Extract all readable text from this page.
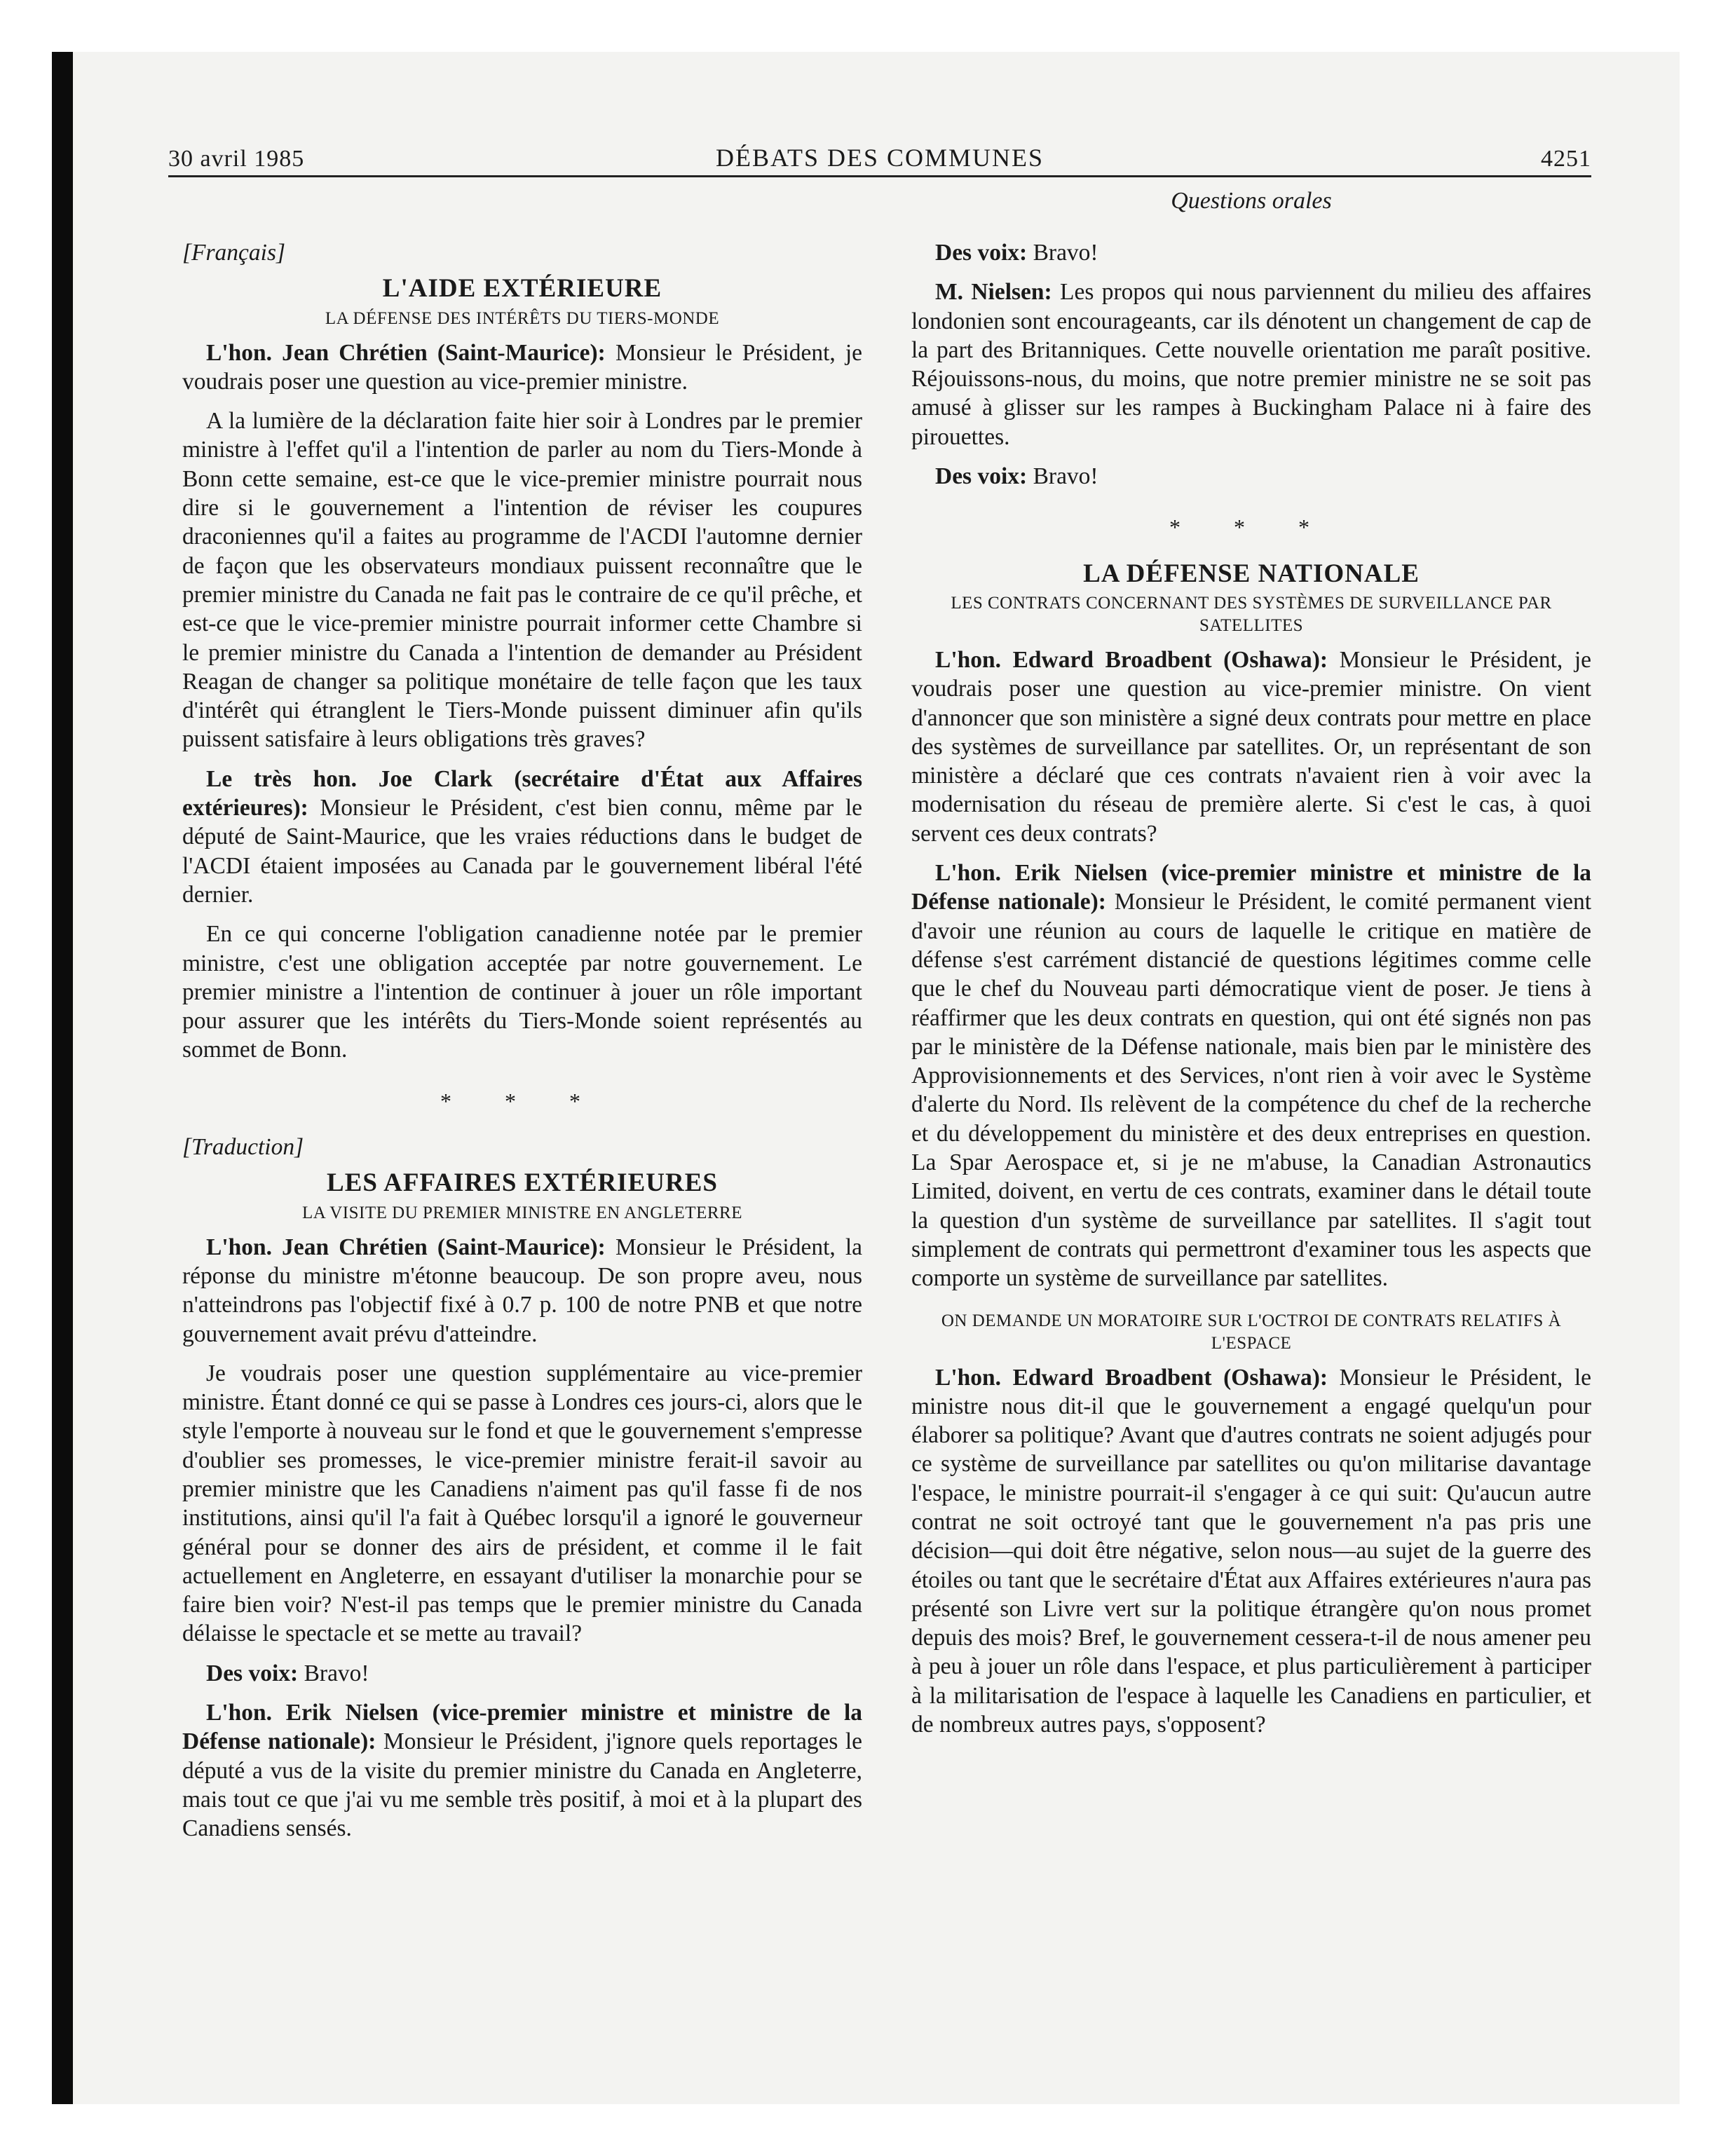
30 avril 1985	DÉBATS DES COMMUNES	4251
Questions orales
[Français]
L'AIDE EXTÉRIEURE
LA DÉFENSE DES INTÉRÊTS DU TIERS-MONDE

L'hon. Jean Chrétien (Saint-Maurice): Monsieur le Président, je voudrais poser une question au vice-premier ministre.

A la lumière de la déclaration faite hier soir à Londres par le premier ministre à l'effet qu'il a l'intention de parler au nom du Tiers-Monde à Bonn cette semaine, est-ce que le vice-premier ministre pourrait nous dire si le gouvernement a l'intention de réviser les coupures draconiennes qu'il a faites au programme de l'ACDI l'automne dernier de façon que les observateurs mondiaux puissent reconnaître que le premier ministre du Canada ne fait pas le contraire de ce qu'il prêche, et est-ce que le vice-premier ministre pourrait informer cette Chambre si le premier ministre du Canada a l'intention de demander au Président Reagan de changer sa politique monétaire de telle façon que les taux d'intérêt qui étranglent le Tiers-Monde puissent diminuer afin qu'ils puissent satisfaire à leurs obligations très graves?

Le très hon. Joe Clark (secrétaire d'État aux Affaires extérieures): Monsieur le Président, c'est bien connu, même par le député de Saint-Maurice, que les vraies réductions dans le budget de l'ACDI étaient imposées au Canada par le gouvernement libéral l'été dernier.

En ce qui concerne l'obligation canadienne notée par le premier ministre, c'est une obligation acceptée par notre gouvernement. Le premier ministre a l'intention de continuer à jouer un rôle important pour assurer que les intérêts du Tiers-Monde soient représentés au sommet de Bonn.

* * *
[Traduction]
LES AFFAIRES EXTÉRIEURES
LA VISITE DU PREMIER MINISTRE EN ANGLETERRE

L'hon. Jean Chrétien (Saint-Maurice): Monsieur le Président, la réponse du ministre m'étonne beaucoup. De son propre aveu, nous n'atteindrons pas l'objectif fixé à 0.7 p. 100 de notre PNB et que notre gouvernement avait prévu d'atteindre.

Je voudrais poser une question supplémentaire au vice-premier ministre. Étant donné ce qui se passe à Londres ces jours-ci, alors que le style l'emporte à nouveau sur le fond et que le gouvernement s'empresse d'oublier ses promesses, le vice-premier ministre ferait-il savoir au premier ministre que les Canadiens n'aiment pas qu'il fasse fi de nos institutions, ainsi qu'il l'a fait à Québec lorsqu'il a ignoré le gouverneur général pour se donner des airs de président, et comme il le fait actuellement en Angleterre, en essayant d'utiliser la monarchie pour se faire bien voir? N'est-il pas temps que le premier ministre du Canada délaisse le spectacle et se mette au travail?

Des voix: Bravo!

L'hon. Erik Nielsen (vice-premier ministre et ministre de la Défense nationale): Monsieur le Président, j'ignore quels reportages le député a vus de la visite du premier ministre du Canada en Angleterre, mais tout ce que j'ai vu me semble très positif, à moi et à la plupart des Canadiens sensés.

Des voix: Bravo!

M. Nielsen: Les propos qui nous parviennent du milieu des affaires londonien sont encourageants, car ils dénotent un changement de cap de la part des Britanniques. Cette nouvelle orientation me paraît positive. Réjouissons-nous, du moins, que notre premier ministre ne se soit pas amusé à glisser sur les rampes à Buckingham Palace ni à faire des pirouettes.

Des voix: Bravo!

* * *
LA DÉFENSE NATIONALE
LES CONTRATS CONCERNANT DES SYSTÈMES DE SURVEILLANCE PAR SATELLITES

L'hon. Edward Broadbent (Oshawa): Monsieur le Président, je voudrais poser une question au vice-premier ministre. On vient d'annoncer que son ministère a signé deux contrats pour mettre en place des systèmes de surveillance par satellites. Or, un représentant de son ministère a déclaré que ces contrats n'avaient rien à voir avec la modernisation du réseau de première alerte. Si c'est le cas, à quoi servent ces deux contrats?

L'hon. Erik Nielsen (vice-premier ministre et ministre de la Défense nationale): Monsieur le Président, le comité permanent vient d'avoir une réunion au cours de laquelle le critique en matière de défense s'est carrément distancié de questions légitimes comme celle que le chef du Nouveau parti démocratique vient de poser. Je tiens à réaffirmer que les deux contrats en question, qui ont été signés non pas par le ministère de la Défense nationale, mais bien par le ministère des Approvisionnements et des Services, n'ont rien à voir avec le Système d'alerte du Nord. Ils relèvent de la compétence du chef de la recherche et du développement du ministère et des deux entreprises en question. La Spar Aerospace et, si je ne m'abuse, la Canadian Astronautics Limited, doivent, en vertu de ces contrats, examiner dans le détail toute la question d'un système de surveillance par satellites. Il s'agit tout simplement de contrats qui permettront d'examiner tous les aspects que comporte un système de surveillance par satellites.

ON DEMANDE UN MORATOIRE SUR L'OCTROI DE CONTRATS RELATIFS À L'ESPACE

L'hon. Edward Broadbent (Oshawa): Monsieur le Président, le ministre nous dit-il que le gouvernement a engagé quelqu'un pour élaborer sa politique? Avant que d'autres contrats ne soient adjugés pour ce système de surveillance par satellites ou qu'on militarise davantage l'espace, le ministre pourrait-il s'engager à ce qui suit: Qu'aucun autre contrat ne soit octroyé tant que le gouvernement n'a pas pris une décision—qui doit être négative, selon nous—au sujet de la guerre des étoiles ou tant que le secrétaire d'État aux Affaires extérieures n'aura pas présenté son Livre vert sur la politique étrangère qu'on nous promet depuis des mois? Bref, le gouvernement cessera-t-il de nous amener peu à peu à jouer un rôle dans l'espace, et plus particulièrement à participer à la militarisation de l'espace à laquelle les Canadiens en particulier, et de nombreux autres pays, s'opposent?
